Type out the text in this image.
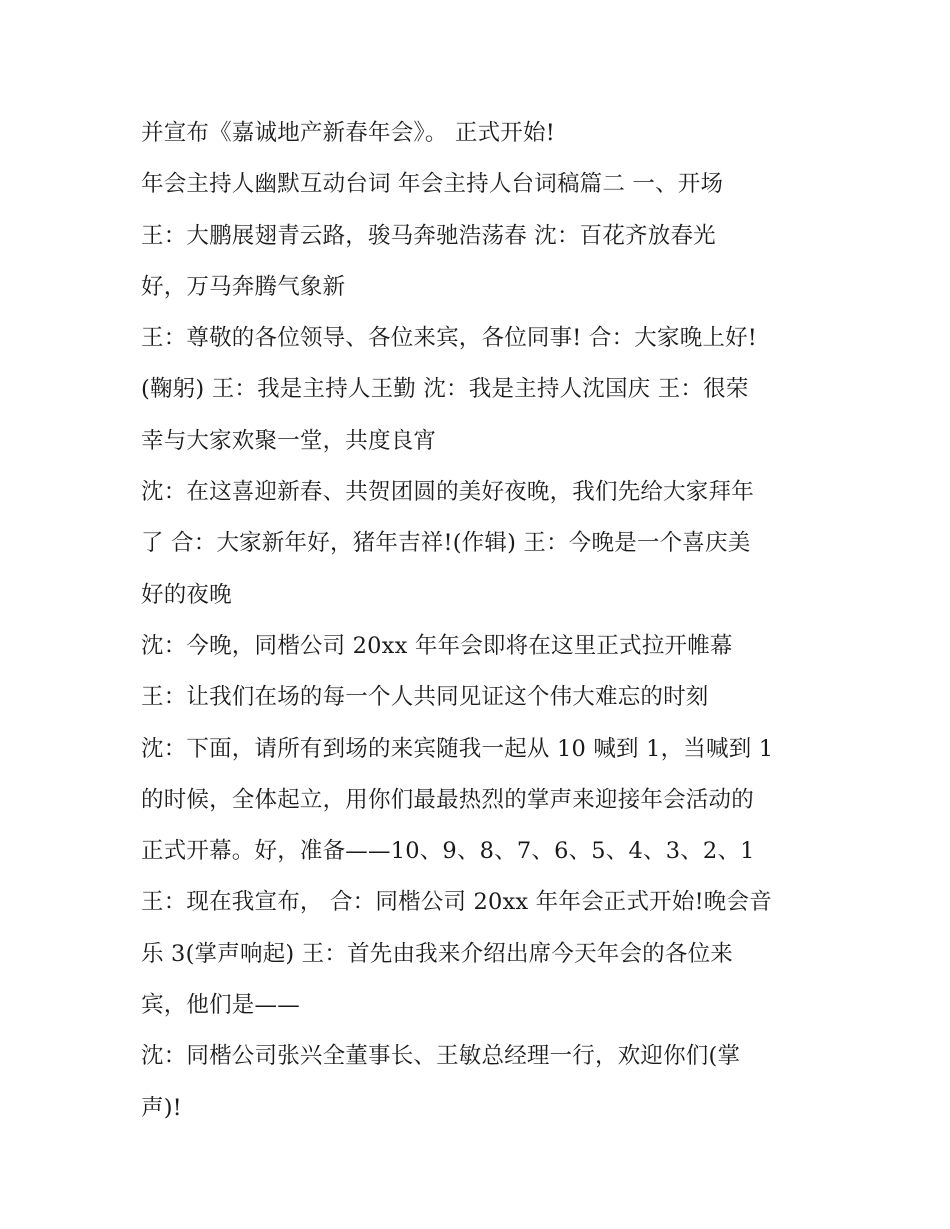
并宣布《嘉诚地产新春年会》。 正式开始!
年会主持人幽默互动台词 年会主持人台词稿篇二 一、开场
王：大鹏展翅青云路，骏马奔驰浩荡春 沈：百花齐放春光
好，万马奔腾气象新
王：尊敬的各位领导、各位来宾，各位同事! 合：大家晚上好!
(鞠躬) 王：我是主持人王勤 沈：我是主持人沈国庆 王：很荣
幸与大家欢聚一堂，共度良宵
沈：在这喜迎新春、共贺团圆的美好夜晚，我们先给大家拜年
了 合：大家新年好，猪年吉祥!(作辑) 王：今晚是一个喜庆美
好的夜晚
沈：今晚，同楷公司 20xx 年年会即将在这里正式拉开帷幕
王：让我们在场的每一个人共同见证这个伟大难忘的时刻
沈：下面，请所有到场的来宾随我一起从 10 喊到 1，当喊到 1
的时候，全体起立，用你们最最热烈的掌声来迎接年会活动的
正式开幕。好，准备——10、9、8、7、6、5、4、3、2、1
王：现在我宣布， 合：同楷公司 20xx 年年会正式开始!晚会音
乐 3(掌声响起) 王：首先由我来介绍出席今天年会的各位来
宾，他们是——
沈：同楷公司张兴全董事长、王敏总经理一行，欢迎你们(掌
声)!
